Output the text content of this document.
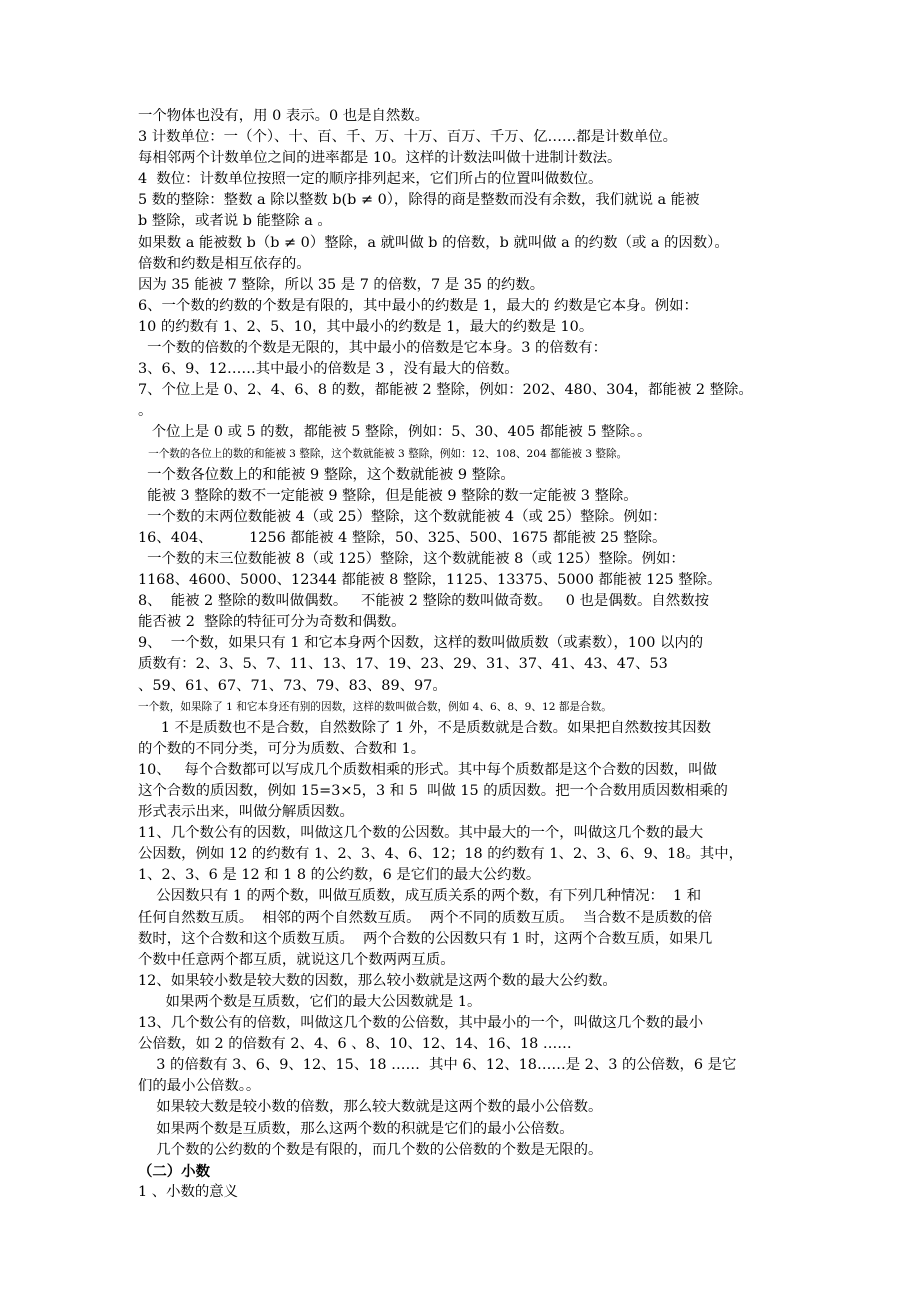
一个物体也没有，用 0 表示。0 也是自然数。
3 计数单位：一（个）、十、百、千、万、十万、百万、千万、亿……都是计数单位。
每相邻两个计数单位之间的进率都是 10。这样的计数法叫做十进制计数法。
4  数位：计数单位按照一定的顺序排列起来，它们所占的位置叫做数位。
5 数的整除：整数 a 除以整数 b(b ≠ 0），除得的商是整数而没有余数，我们就说 a 能被
b 整除，或者说 b 能整除 a 。
如果数 a 能被数 b（b ≠ 0）整除，a 就叫做 b 的倍数，b 就叫做 a 的约数（或 a 的因数）。
倍数和约数是相互依存的。
因为 35 能被 7 整除，所以 35 是 7 的倍数，7 是 35 的约数。
6、一个数的约数的个数是有限的，其中最小的约数是 1，最大的 约数是它本身。例如：
10 的约数有 1、2、5、10，其中最小的约数是 1，最大的约数是 10。
一个数的倍数的个数是无限的，其中最小的倍数是它本身。3 的倍数有：
3、6、9、12……其中最小的倍数是 3 ，没有最大的倍数。
7、个位上是 0、2、4、6、8 的数，都能被 2 整除，例如：202、480、304，都能被 2 整除。
。
个位上是 0 或 5 的数，都能被 5 整除，例如：5、30、405 都能被 5 整除。。
一个数的各位上的数的和能被 3 整除，这个数就能被 3 整除，例如：12、108、204 都能被 3 整除。
一个数各位数上的和能被 9 整除，这个数就能被 9 整除。
能被 3 整除的数不一定能被 9 整除，但是能被 9 整除的数一定能被 3 整除。
一个数的末两位数能被 4（或 25）整除，这个数就能被 4（或 25）整除。例如：
16、404、        1256 都能被 4 整除，50、325、500、1675 都能被 25 整除。
一个数的末三位数能被 8（或 125）整除，这个数就能被 8（或 125）整除。例如：
1168、4600、5000、12344 都能被 8 整除，1125、13375、5000 都能被 125 整除。
8、  能被 2 整除的数叫做偶数。   不能被 2 整除的数叫做奇数。   0 也是偶数。自然数按
能否被 2  整除的特征可分为奇数和偶数。
9、  一个数，如果只有 1 和它本身两个因数，这样的数叫做质数（或素数），100 以内的
质数有：2、3、5、7、11、13、17、19、23、29、31、37、41、43、47、53
、59、61、67、71、73、79、83、89、97。
一个数，如果除了 1 和它本身还有别的因数，这样的数叫做合数，例如 4、6、8、9、12 都是合数。
1 不是质数也不是合数，自然数除了 1 外，不是质数就是合数。如果把自然数按其因数
的个数的不同分类，可分为质数、合数和 1。
10、   每个合数都可以写成几个质数相乘的形式。其中每个质数都是这个合数的因数，叫做
这个合数的质因数，例如 15=3×5，3 和 5  叫做 15 的质因数。把一个合数用质因数相乘的
形式表示出来，叫做分解质因数。
11、几个数公有的因数，叫做这几个数的公因数。其中最大的一个，叫做这几个数的最大
公因数，例如 12 的约数有 1、2、3、4、6、12；18 的约数有 1、2、3、6、9、18。其中，
1、2、3、6 是 12 和 1 8 的公约数，6 是它们的最大公约数。
公因数只有 1 的两个数，叫做互质数，成互质关系的两个数，有下列几种情况：  1 和
任何自然数互质。  相邻的两个自然数互质。  两个不同的质数互质。  当合数不是质数的倍
数时，这个合数和这个质数互质。  两个合数的公因数只有 1 时，这两个合数互质，如果几
个数中任意两个都互质，就说这几个数两两互质。
12、如果较小数是较大数的因数，那么较小数就是这两个数的最大公约数。
如果两个数是互质数，它们的最大公因数就是 1。
13、几个数公有的倍数，叫做这几个数的公倍数，其中最小的一个，叫做这几个数的最小
公倍数，如 2 的倍数有 2、4、6 、8、10、12、14、16、18 ……
3 的倍数有 3、6、9、12、15、18 ……  其中 6、12、18……是 2、3 的公倍数，6 是它
们的最小公倍数。。
如果较大数是较小数的倍数，那么较大数就是这两个数的最小公倍数。
如果两个数是互质数，那么这两个数的积就是它们的最小公倍数。
几个数的公约数的个数是有限的，而几个数的公倍数的个数是无限的。
（二）小数
1 、小数的意义
